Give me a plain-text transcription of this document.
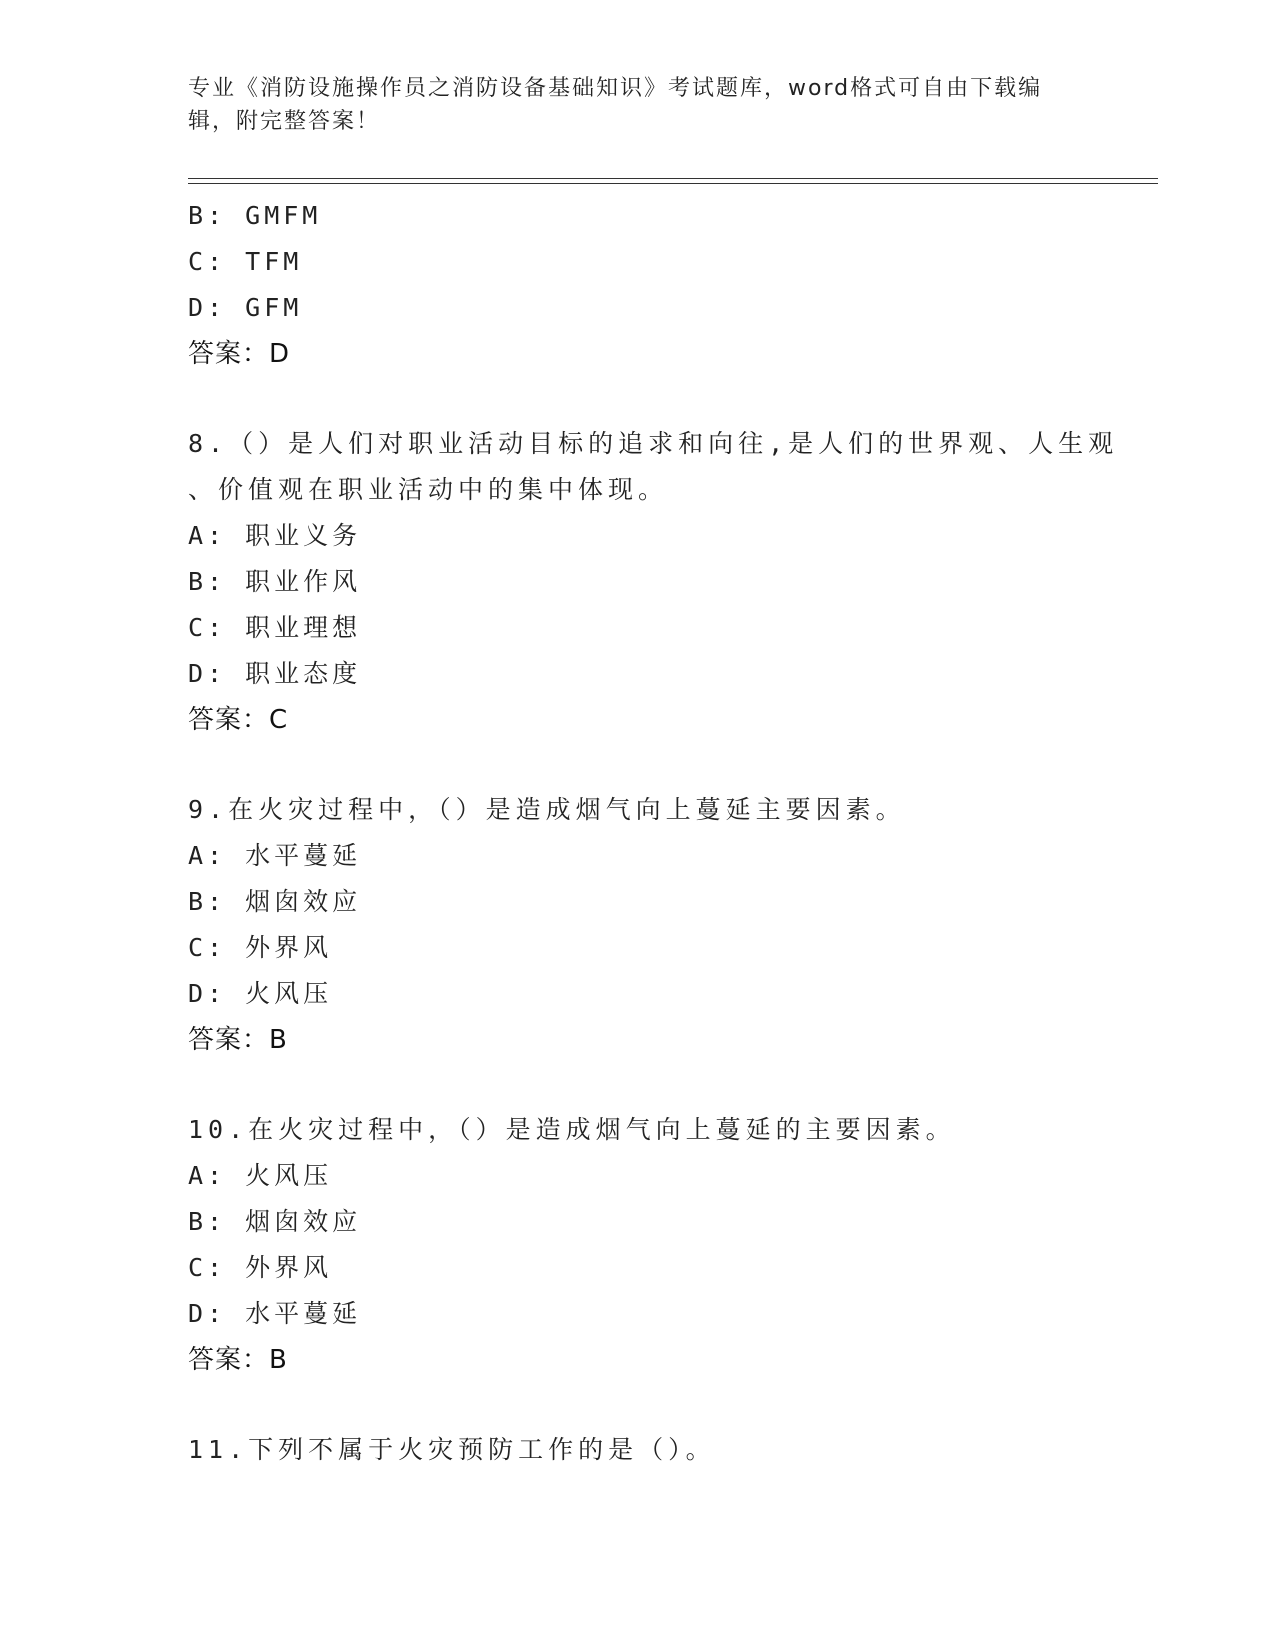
专业《消防设施操作员之消防设备基础知识》考试题库，word格式可自由下载编辑，附完整答案！
B: GMFM
C: TFM
D: GFM
答案：D
8.（）是人们对职业活动目标的追求和向往,是人们的世界观、人生观
、价值观在职业活动中的集中体现。
A: 职业义务
B: 职业作风
C: 职业理想
D: 职业态度
答案：C
9.在火灾过程中，（）是造成烟气向上蔓延主要因素。
A: 水平蔓延
B: 烟囱效应
C: 外界风
D: 火风压
答案：B
10.在火灾过程中，（）是造成烟气向上蔓延的主要因素。
A: 火风压
B: 烟囱效应
C: 外界风
D: 水平蔓延
答案：B
11.下列不属于火灾预防工作的是（）。
